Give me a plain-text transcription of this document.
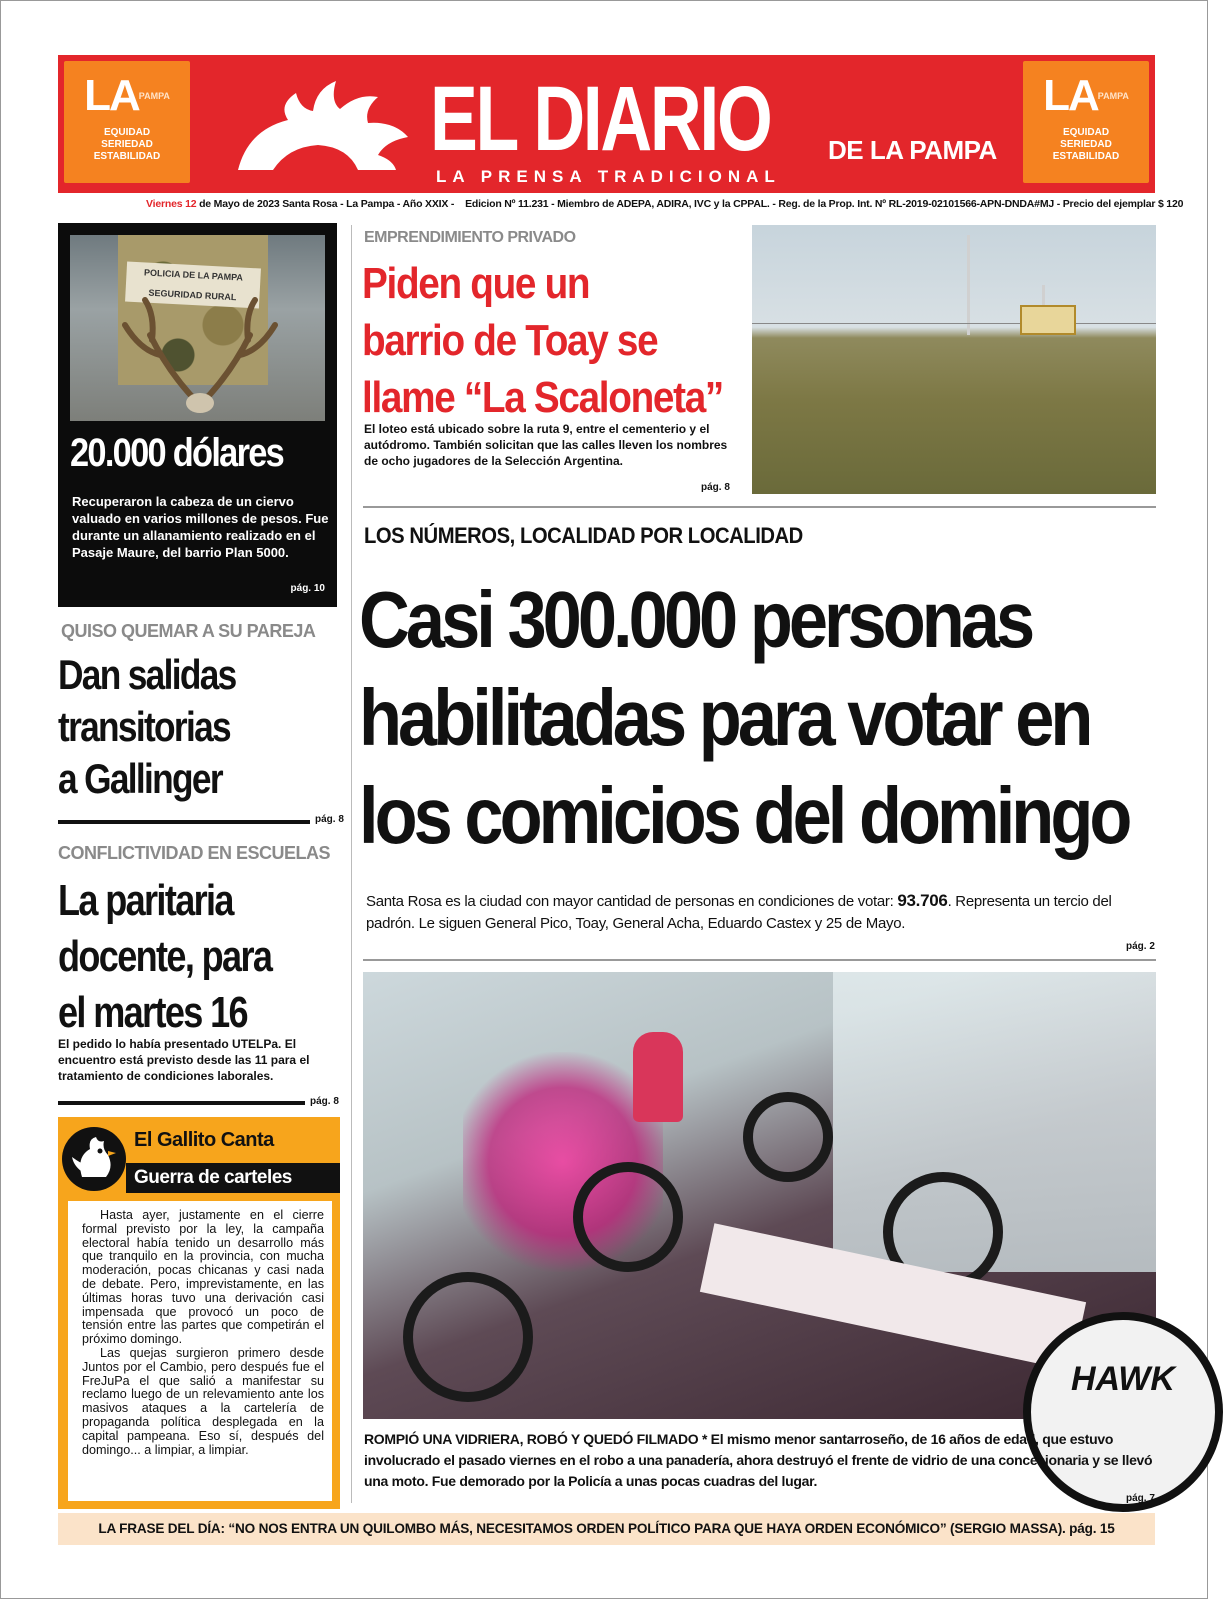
$LA^{PAMPA}$
EQUIDAD
SERIEDAD
ESTABILIDAD	EL DIARIO DE LA PAMPA
LA PRENSA TRADICIONAL
$LA^{PAMPA}$
EQUIDAD
SERIEDAD
ESTABILIDAD
Viernes 12 de Mayo de 2023 Santa Rosa - La Pampa - Año XXIX - Edicion Nº 11.231 - Miembro de ADEPA, ADIRA, IVC y la CPPAL. - Reg. de la Prop. Int. Nº RL-2019-02101566-APN-DNDA#MJ - Precio del ejemplar $ 120
POLICIA DE LA PAMPA
SEGURIDAD RURAL
20.000 dólares
Recuperaron la cabeza de un ciervo valuado en varios millones de pesos. Fue durante un allanamiento realizado en el Pasaje Maure, del barrio Plan 5000.
pág. 10
QUISO QUEMAR A SU PAREJA
Dan salidas
transitorias
a Gallinger
pág. 8
CONFLICTIVIDAD EN ESCUELAS
La paritaria
docente, para
el martes 16
El pedido lo había presentado UTELPa. El encuentro está previsto desde las 11 para el tratamiento de condiciones laborales.
pág. 8
El Gallito Canta
Guerra de carteles

Hasta ayer, justamente en el cierre formal previsto por la ley, la campaña electoral había tenido un desarrollo más que tranquilo en la provincia, con mucha moderación, pocas chicanas y casi nada de debate. Pero, imprevistamente, en las últimas horas tuvo una derivación casi impensada que provocó un poco de tensión entre las partes que competirán el próximo domingo.

Las quejas surgieron primero desde Juntos por el Cambio, pero después fue el FreJuPa el que salió a manifestar su reclamo luego de un relevamiento ante los masivos ataques a la cartelería de propaganda política desplegada en la capital pampeana. Eso sí, después del domingo... a limpiar, a limpiar.

EMPRENDIMIENTO PRIVADO
Piden que un
barrio de Toay se
llame “La Scaloneta”
El loteo está ubicado sobre la ruta 9, entre el cementerio y el autódromo. También solicitan que las calles lleven los nombres de ocho jugadores de la Selección Argentina.
pág. 8
LOS NÚMEROS, LOCALIDAD POR LOCALIDAD
Casi 300.000 personas
habilitadas para votar en
los comicios del domingo
Santa Rosa es la ciudad con mayor cantidad de personas en condiciones de votar: 93.706. Representa un tercio del padrón. Le siguen General Pico, Toay, General Acha, Eduardo Castex y 25 de Mayo.
pág. 2
HAWK
ROMPIÓ UNA VIDRIERA, ROBÓ Y QUEDÓ FILMADO * El mismo menor santarroseño, de 16 años de edad, que estuvo involucrado el pasado viernes en el robo a una panadería, ahora destruyó el frente de vidrio de una concesionaria y se llevó una moto. Fue demorado por la Policía a unas pocas cuadras del lugar.
pág. 7
LA FRASE DEL DÍA: “NO NOS ENTRA UN QUILOMBO MÁS, NECESITAMOS ORDEN POLÍTICO PARA QUE HAYA ORDEN ECONÓMICO” (SERGIO MASSA). pág. 15
